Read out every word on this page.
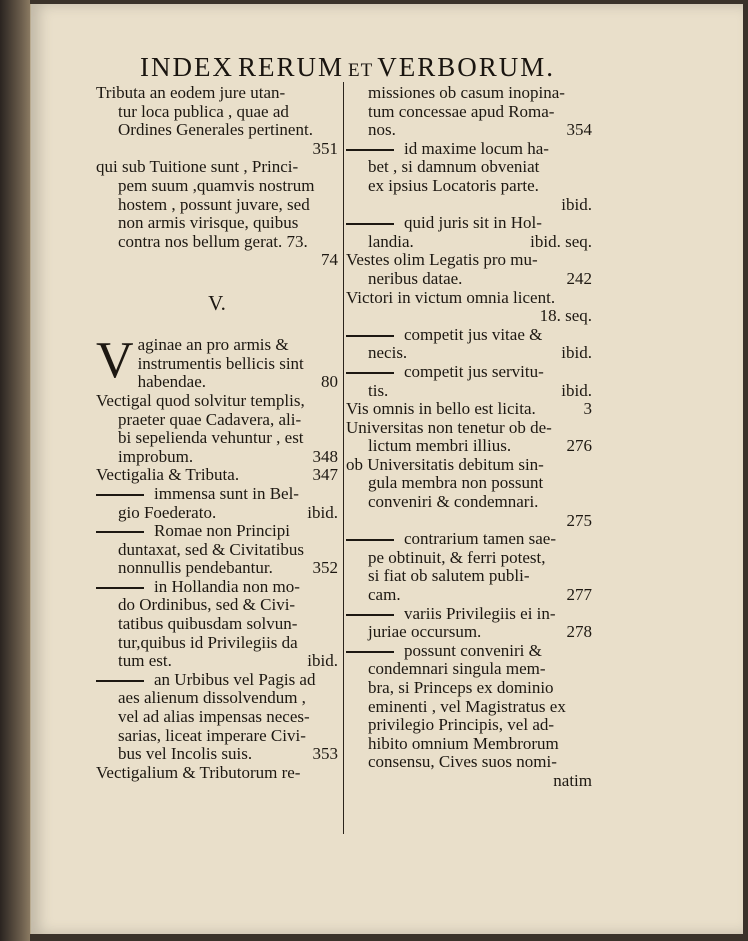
INDEX RERUM ET VERBORUM.
Tributa an eodem jure utan-
tur loca publica , quae ad
Ordines Generales pertinent.
351
qui sub Tuitione sunt , Princi-
pem suum ,quamvis nostrum
hostem , possunt juvare, sed
non armis virisque, quibus
contra nos bellum gerat. 73.
74
V.
V aginae an pro armis &
instrumentis bellicis sint
habendae.	80
Vectigal quod solvitur templis,
praeter quae Cadavera, ali-
bi sepelienda vehuntur , est
improbum.	348
Vectigalia & Tributa.	347
immensa sunt in Bel-
gio Foederato.	ibid.
Romae non Principi
duntaxat, sed & Civitatibus
nonnullis pendebantur. 352
in Hollandia non mo-
do Ordinibus, sed & Civi-
tatibus quibusdam solvun-
tur,quibus id Privilegiis da
tum est.	ibid.
an Urbibus vel Pagis ad
aes alienum dissolvendum ,
vel ad alias impensas neces-
sarias, liceat imperare Civi-
bus vel Incolis suis.	353
Vectigalium & Tributorum re-
missiones ob casum inopina-
tum concessae apud Roma-
nos.	354
id maxime locum ha-
bet , si damnum obveniat
ex ipsius Locatoris parte.
ibid.
quid juris sit in Hol-
landia.	ibid. seq.
Vestes olim Legatis pro mu-
neribus datae.	242
Victori in victum omnia licent.
18. seq.
competit jus vitae &
necis.	ibid.
competit jus servitu-
tis.	ibid.
Vis omnis in bello est licita.	3
Universitas non tenetur ob de-
lictum membri illius.	276
ob Universitatis debitum sin-
gula membra non possunt
conveniri & condemnari.
275
contrarium tamen sae-
pe obtinuit, & ferri potest,
si fiat ob salutem publi-
cam.	277
variis Privilegiis ei in-
juriae occursum.	278
possunt conveniri &
condemnari singula mem-
bra, si Princeps ex dominio
eminenti , vel Magistratus ex
privilegio Principis, vel ad-
hibito omnium Membrorum
consensu, Cives suos nomi-
natim
